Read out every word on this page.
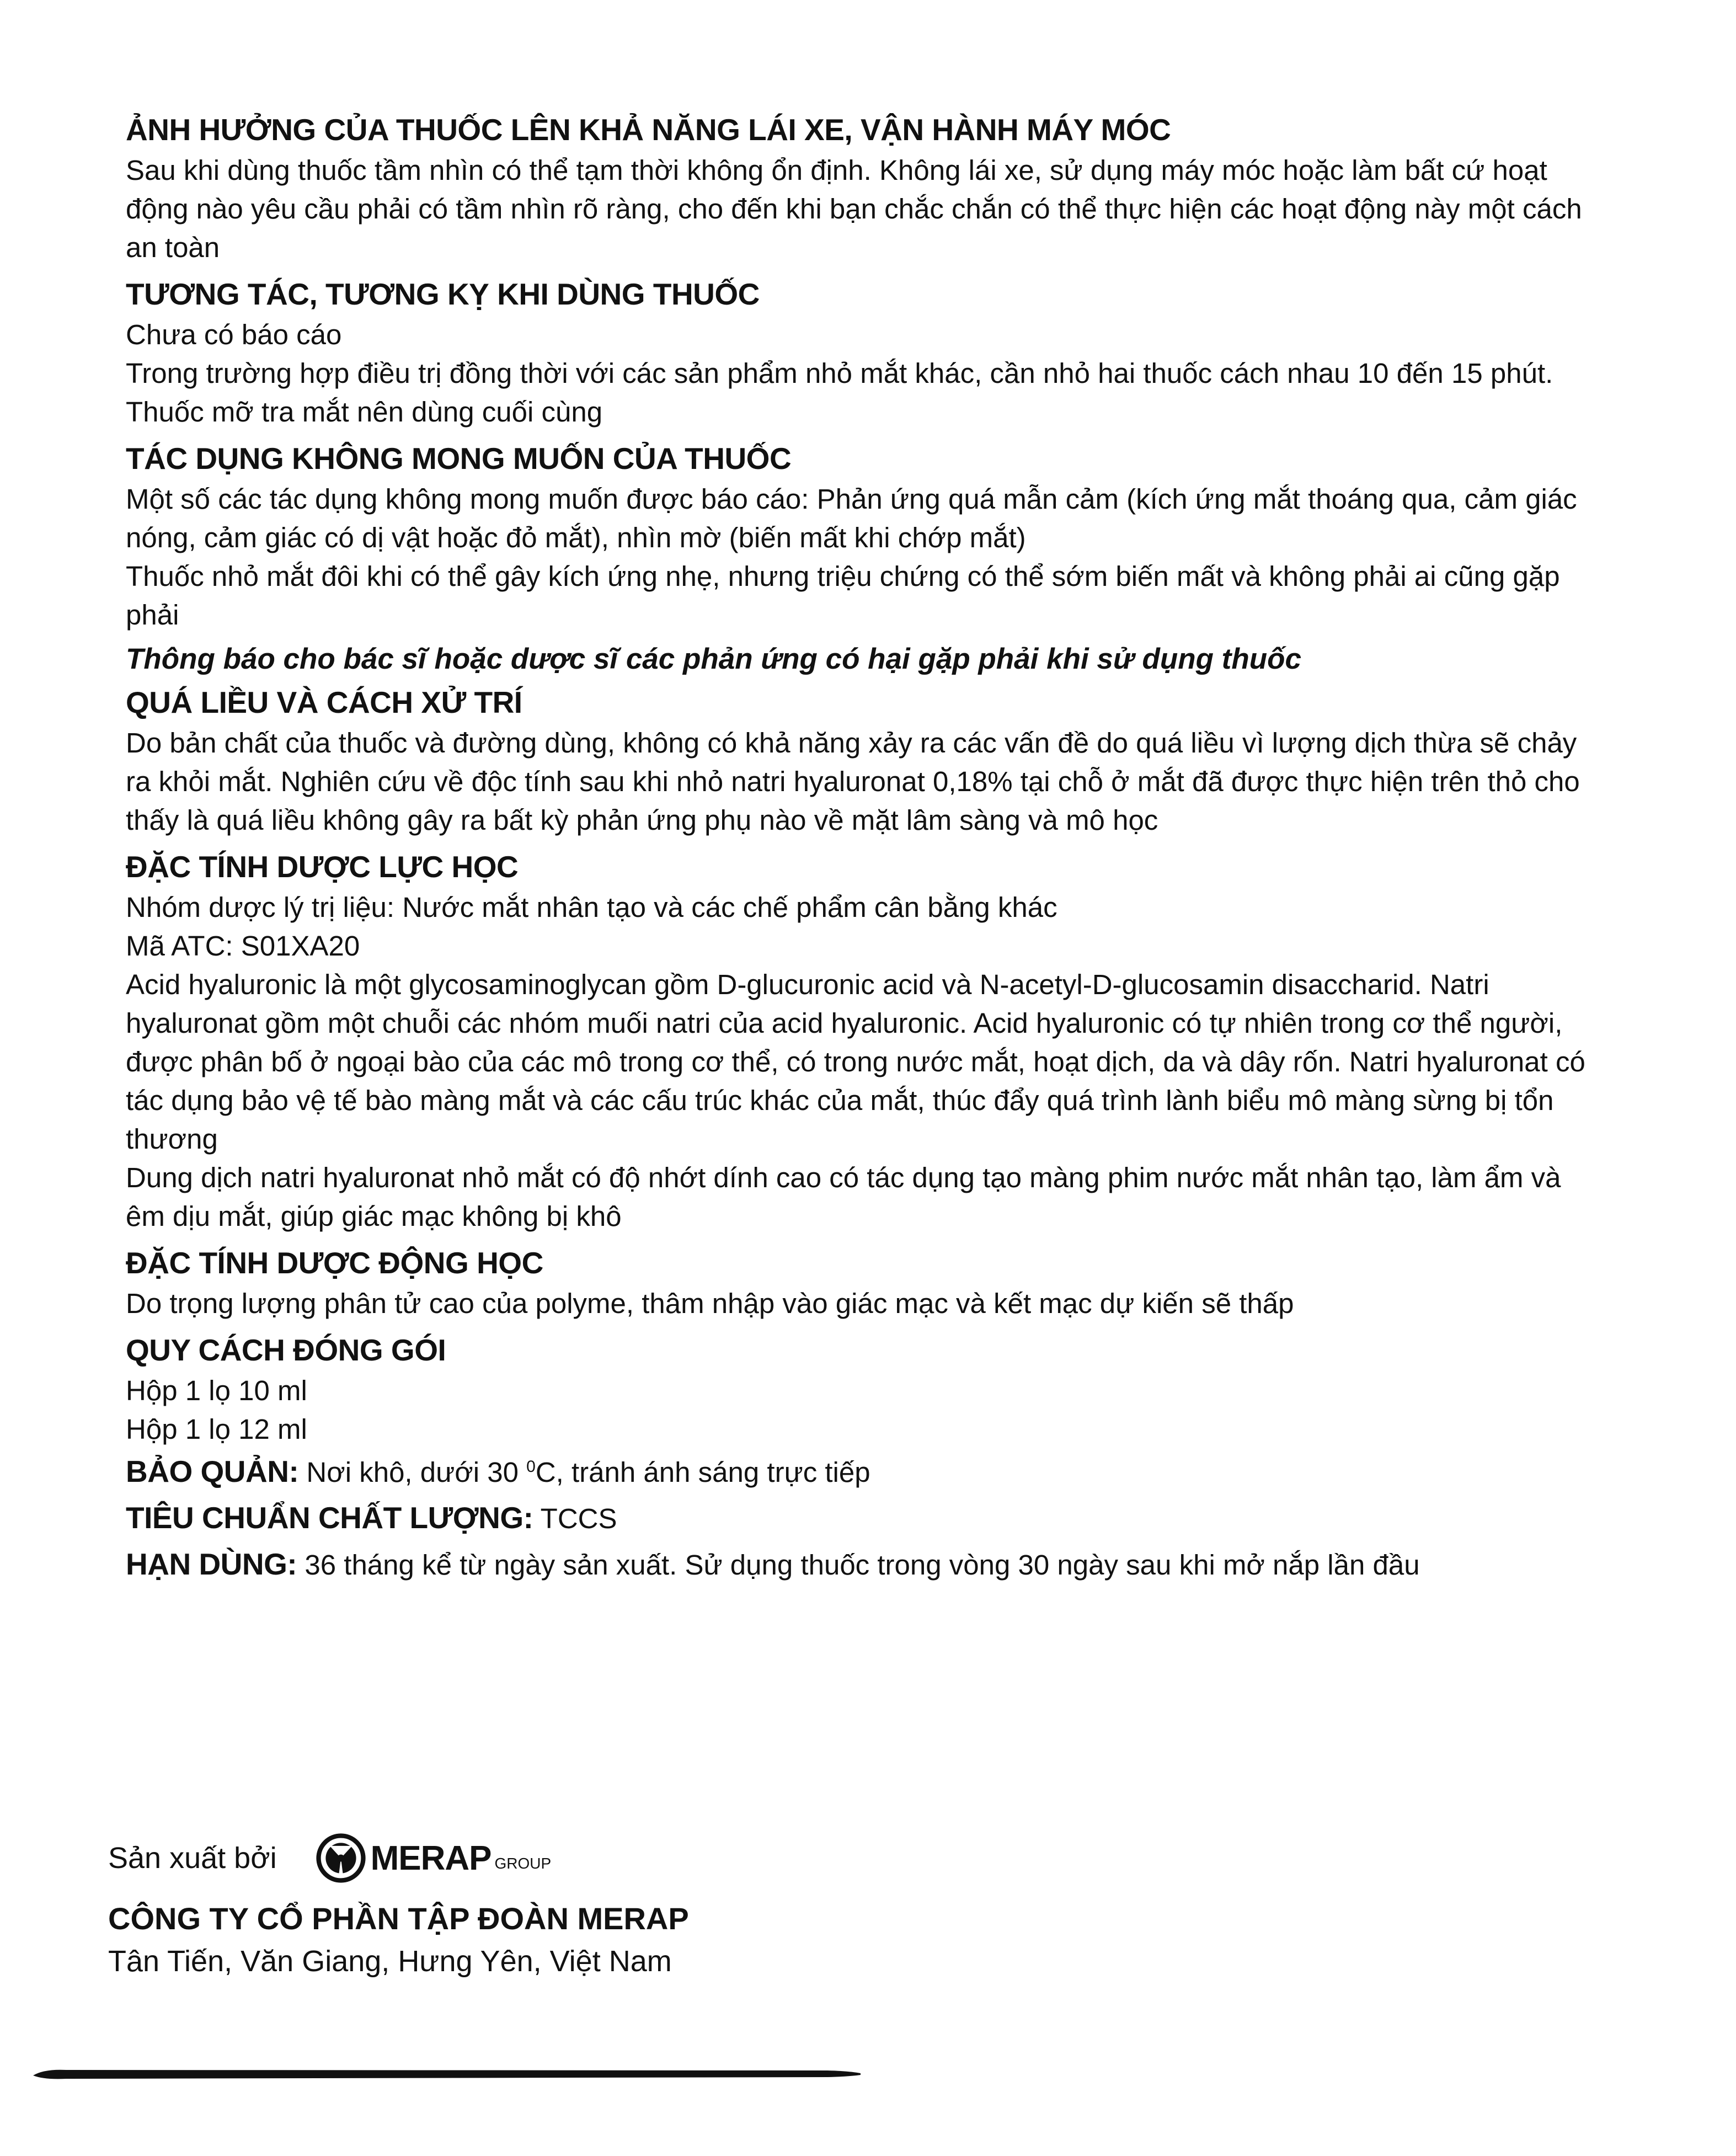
ẢNH HƯỞNG CỦA THUỐC LÊN KHẢ NĂNG LÁI XE, VẬN HÀNH MÁY MÓC

Sau khi dùng thuốc tầm nhìn có thể tạm thời không ổn định. Không lái xe, sử dụng máy móc hoặc làm bất cứ hoạt động nào yêu cầu phải có tầm nhìn rõ ràng, cho đến khi bạn chắc chắn có thể thực hiện các hoạt động này một cách an toàn

TƯƠNG TÁC, TƯƠNG KỴ KHI DÙNG THUỐC

Chưa có báo cáo

Trong trường hợp điều trị đồng thời với các sản phẩm nhỏ mắt khác, cần nhỏ hai thuốc cách nhau 10 đến 15 phút. Thuốc mỡ tra mắt nên dùng cuối cùng

TÁC DỤNG KHÔNG MONG MUỐN CỦA THUỐC

Một số các tác dụng không mong muốn được báo cáo: Phản ứng quá mẫn cảm (kích ứng mắt thoáng qua, cảm giác nóng, cảm giác có dị vật hoặc đỏ mắt), nhìn mờ (biến mất khi chớp mắt)

Thuốc nhỏ mắt đôi khi có thể gây kích ứng nhẹ, nhưng triệu chứng có thể sớm biến mất và không phải ai cũng gặp phải

Thông báo cho bác sĩ hoặc dược sĩ các phản ứng có hại gặp phải khi sử dụng thuốc

QUÁ LIỀU VÀ CÁCH XỬ TRÍ

Do bản chất của thuốc và đường dùng, không có khả năng xảy ra các vấn đề do quá liều vì lượng dịch thừa sẽ chảy ra khỏi mắt. Nghiên cứu về độc tính sau khi nhỏ natri hyaluronat 0,18% tại chỗ ở mắt đã được thực hiện trên thỏ cho thấy là quá liều không gây ra bất kỳ phản ứng phụ nào về mặt lâm sàng và mô học

ĐẶC TÍNH DƯỢC LỰC HỌC

Nhóm dược lý trị liệu: Nước mắt nhân tạo và các chế phẩm cân bằng khác

Mã ATC: S01XA20

Acid hyaluronic là một glycosaminoglycan gồm D-glucuronic acid và N-acetyl-D-glucosamin disaccharid. Natri hyaluronat gồm một chuỗi các nhóm muối natri của acid hyaluronic. Acid hyaluronic có tự nhiên trong cơ thể người, được phân bố ở ngoại bào của các mô trong cơ thể, có trong nước mắt, hoạt dịch, da và dây rốn. Natri hyaluronat có tác dụng bảo vệ tế bào màng mắt và các cấu trúc khác của mắt, thúc đẩy quá trình lành biểu mô màng sừng bị tổn thương

Dung dịch natri hyaluronat nhỏ mắt có độ nhớt dính cao có tác dụng tạo màng phim nước mắt nhân tạo, làm ẩm và êm dịu mắt, giúp giác mạc không bị khô

ĐẶC TÍNH DƯỢC ĐỘNG HỌC

Do trọng lượng phân tử cao của polyme, thâm nhập vào giác mạc và kết mạc dự kiến sẽ thấp

QUY CÁCH ĐÓNG GÓI

Hộp 1 lọ 10 ml

Hộp 1 lọ 12 ml

BẢO QUẢN: Nơi khô, dưới 30 $^0$C, tránh ánh sáng trực tiếp

TIÊU CHUẨN CHẤT LƯỢNG: TCCS

HẠN DÙNG: 36 tháng kể từ ngày sản xuất. Sử dụng thuốc trong vòng 30 ngày sau khi mở nắp lần đầu

Sản xuất bởi	MERAP GROUP

CÔNG TY CỔ PHẦN TẬP ĐOÀN MERAP

Tân Tiến, Văn Giang, Hưng Yên, Việt Nam
